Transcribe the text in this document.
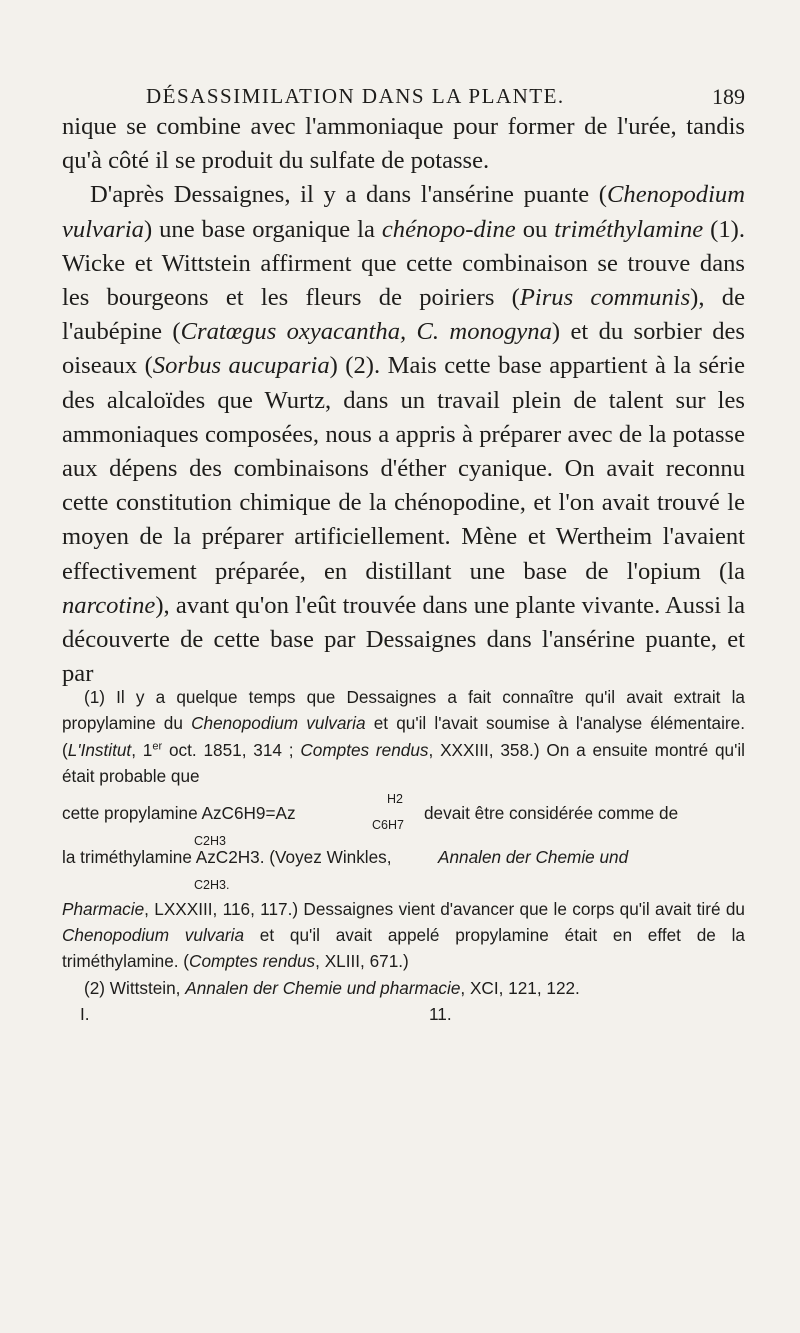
DÉSASSIMILATION DANS LA PLANTE.	189

nique se combine avec l'ammoniaque pour former de l'urée, tandis qu'à côté il se produit du sulfate de potasse.

D'après Dessaignes, il y a dans l'ansérine puante (Chenopodium vulvaria) une base organique la chénopo-dine ou triméthylamine (1). Wicke et Wittstein affirment que cette combinaison se trouve dans les bourgeons et les fleurs de poiriers (Pirus communis), de l'aubépine (Cratœgus oxyacantha, C. monogyna) et du sorbier des oiseaux (Sorbus aucuparia) (2). Mais cette base appartient à la série des alcaloïdes que Wurtz, dans un travail plein de talent sur les ammoniaques composées, nous a appris à préparer avec de la potasse aux dépens des combinaisons d'éther cyanique. On avait reconnu cette constitution chimique de la chénopodine, et l'on avait trouvé le moyen de la préparer artificiellement. Mène et Wertheim l'avaient effectivement préparée, en distillant une base de l'opium (la narcotine), avant qu'on l'eût trouvée dans une plante vivante. Aussi la découverte de cette base par Dessaignes dans l'ansérine puante, et par

(1) Il y a quelque temps que Dessaignes a fait connaître qu'il avait extrait la propylamine du Chenopodium vulvaria et qu'il l'avait soumise à l'analyse élémentaire. (L'Institut, 1er oct. 1851, 314 ; Comptes rendus, XXXIII, 358.) On a ensuite montré qu'il était probable que

H2
cette propylamine AzC6H9=Az
C6H7
devait être considérée comme de
C2H3
la triméthylamine AzC2H3. (Voyez Winkles,	Annalen der Chemie und
C2H3.

Pharmacie, LXXXIII, 116, 117.) Dessaignes vient d'avancer que le corps qu'il avait tiré du Chenopodium vulvaria et qu'il avait appelé propylamine était en effet de la triméthylamine. (Comptes rendus, XLIII, 671.)

(2) Wittstein, Annalen der Chemie und pharmacie, XCI, 121, 122.

I.	11.
